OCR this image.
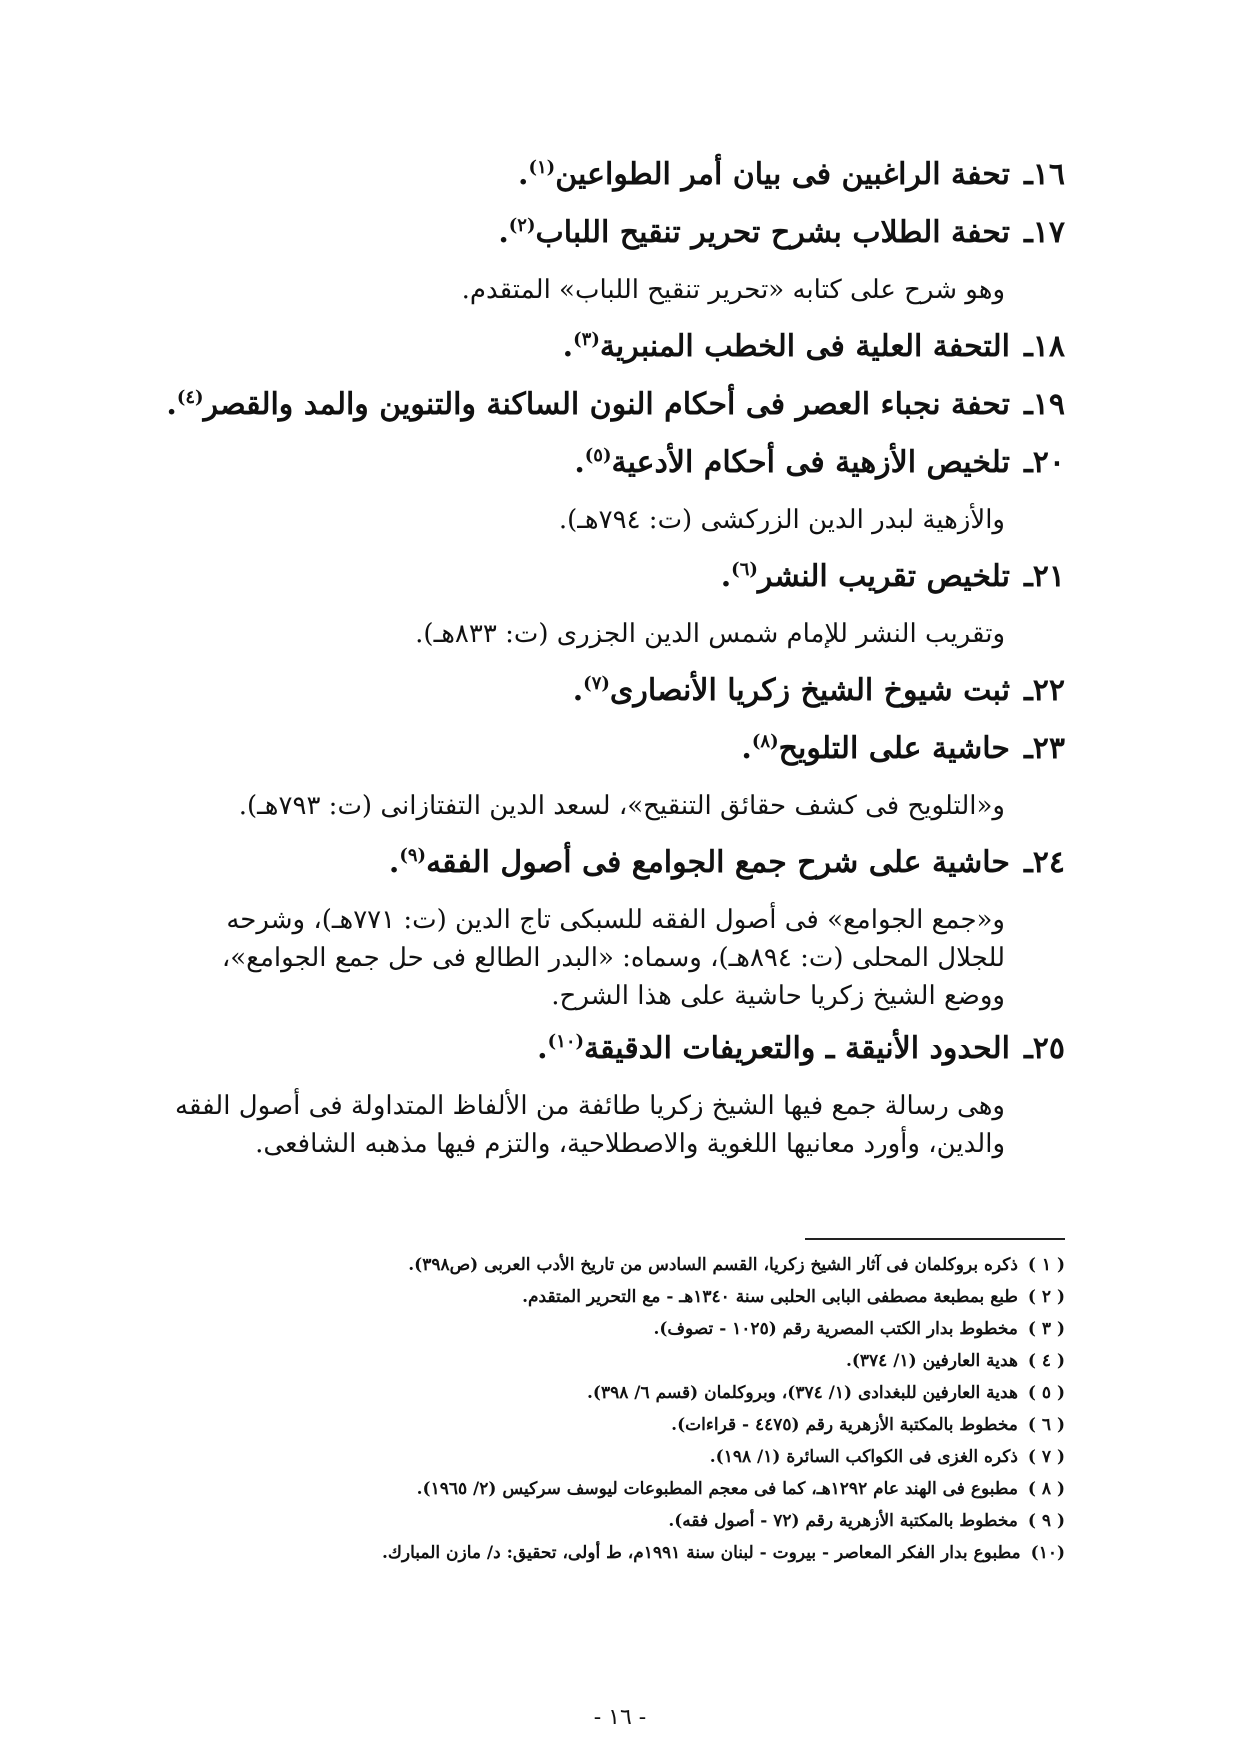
١٦ـتحفة الراغبين فى بيان أمر الطواعين$^{(١)}$.
١٧ـتحفة الطلاب بشرح تحرير تنقيح اللباب$^{(٢)}$.
وهو شرح على كتابه «تحرير تنقيح اللباب» المتقدم.
١٨ـالتحفة العلية فى الخطب المنبرية$^{(٣)}$.
١٩ـتحفة نجباء العصر فى أحكام النون الساكنة والتنوين والمد والقصر$^{(٤)}$.
٢٠ـتلخيص الأزهية فى أحكام الأدعية$^{(٥)}$.
والأزهية لبدر الدين الزركشى (ت: ٧٩٤هـ).
٢١ـتلخيص تقريب النشر$^{(٦)}$.
وتقريب النشر للإمام شمس الدين الجزرى (ت: ٨٣٣هـ).
٢٢ـثبت شيوخ الشيخ زكريا الأنصارى$^{(٧)}$.
٢٣ـحاشية على التلويح$^{(٨)}$.
و«التلويح فى كشف حقائق التنقيح»، لسعد الدين التفتازانى (ت: ٧٩٣هـ).
٢٤ـحاشية على شرح جمع الجوامع فى أصول الفقه$^{(٩)}$.
و«جمع الجوامع» فى أصول الفقه للسبكى تاج الدين (ت: ٧٧١هـ)، وشرحه
للجلال المحلى (ت: ٨٩٤هـ)، وسماه: «البدر الطالع فى حل جمع الجوامع»،
ووضع الشيخ زكريا حاشية على هذا الشرح.
٢٥ـالحدود الأنيقة ـ والتعريفات الدقيقة$^{(١٠)}$.
وهى رسالة جمع فيها الشيخ زكريا طائفة من الألفاظ المتداولة فى أصول الفقه
والدين، وأورد معانيها اللغوية والاصطلاحية، والتزم فيها مذهبه الشافعى.
( ١ )ذكره بروكلمان فى آثار الشيخ زكريا، القسم السادس من تاريخ الأدب العربى (ص٣٩٨).
( ٢ )طبع بمطبعة مصطفى البابى الحلبى سنة ١٣٤٠هـ - مع التحرير المتقدم.
( ٣ )مخطوط بدار الكتب المصرية رقم (١٠٢٥ - تصوف).
( ٤ )هدية العارفين (١/ ٣٧٤).
( ٥ )هدية العارفين للبغدادى (١/ ٣٧٤)، وبروكلمان (قسم ٦/ ٣٩٨).
( ٦ )مخطوط بالمكتبة الأزهرية رقم (٤٤٧٥ - قراءات).
( ٧ )ذكره الغزى فى الكواكب السائرة (١/ ١٩٨).
( ٨ )مطبوع فى الهند عام ١٢٩٢هـ، كما فى معجم المطبوعات ليوسف سركيس (٢/ ١٩٦٥).
( ٩ )مخطوط بالمكتبة الأزهرية رقم (٧٢ - أصول فقه).
(١٠)مطبوع بدار الفكر المعاصر - بيروت - لبنان سنة ١٩٩١م، ط أولى، تحقيق: د/ مازن المبارك.
- ١٦ -
